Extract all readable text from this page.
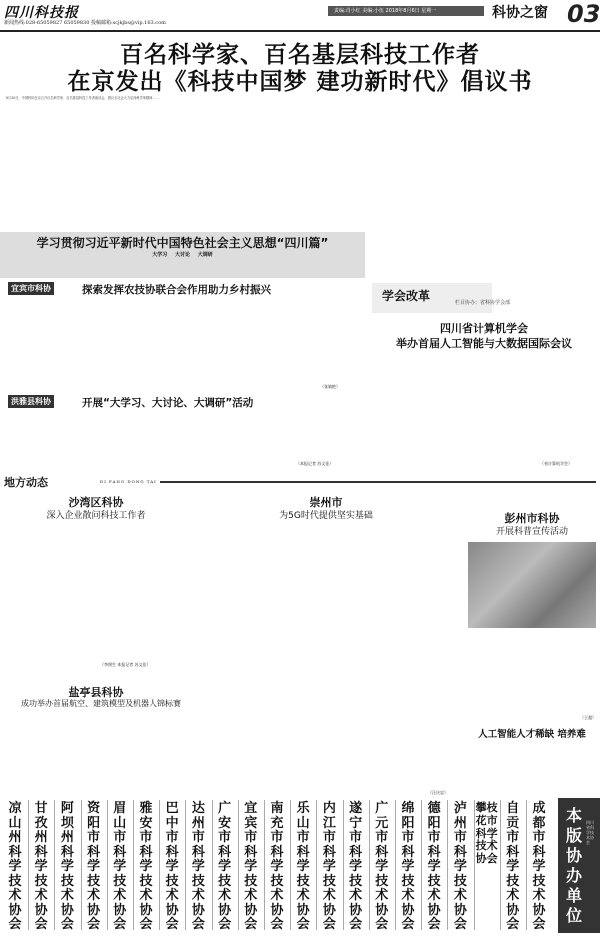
四川科技报
新闻热线:028-65059827 65059830 投稿邮箱:scjkjbs@vip.163.com
责编:肖小红 美编:小伍 2018年8月6日 星期一	科协之窗 03
百名科学家、百名基层科技工作者
在京发出《科技中国梦 建功新时代》倡议书
8月30日，中国科协在京召开百名科学家、百名基层科技工作者座谈会，倡议全社会大力弘扬科学家精神……
学习贯彻习近平新时代中国特色社会主义思想“四川篇”
大学习 大讨论 大调研
宜宾市科协	探索发挥农技协联合会作用助力乡村振兴
（张婧艳）
洪雅县科协	开展“大学习、大讨论、大调研”活动
（本报记者 苏文佳）
学会改革	栏目协办：省科协学会部
四川省计算机学会
举办首届人工智能与大数据国际会议
（省计算机学会）
地方动态	DI FANG DONG TAI
沙湾区科协
深入企业散问科技工作者
（李照生 本报记者 苏文佳）
崇州市
为5G时代提供坚实基础	彭州市科协
开展科普宣传活动
（王超）
盐亭县科协
成功举办首届航空、建筑模型及机器人锦标赛
（汪庆忠）
人工智能人才稀缺 培养难
凉山州科学技术协会
甘孜州科学技术协会
阿坝州科学技术协会
资阳市科学技术协会
眉山市科学技术协会
雅安市科学技术协会
巴中市科学技术协会
达州市科学技术协会
广安市科学技术协会
宜宾市科学技术协会
南充市科学技术协会
乐山市科学技术协会
内江市科学技术协会
遂宁市科学技术协会
广元市科学技术协会
绵阳市科学技术协会
德阳市科学技术协会
泸州市科学技术协会
攀枝花市科学技术协会
自贡市科学技术协会
成都市科学技术协会
本版协办单位
四川省科学技术协会
